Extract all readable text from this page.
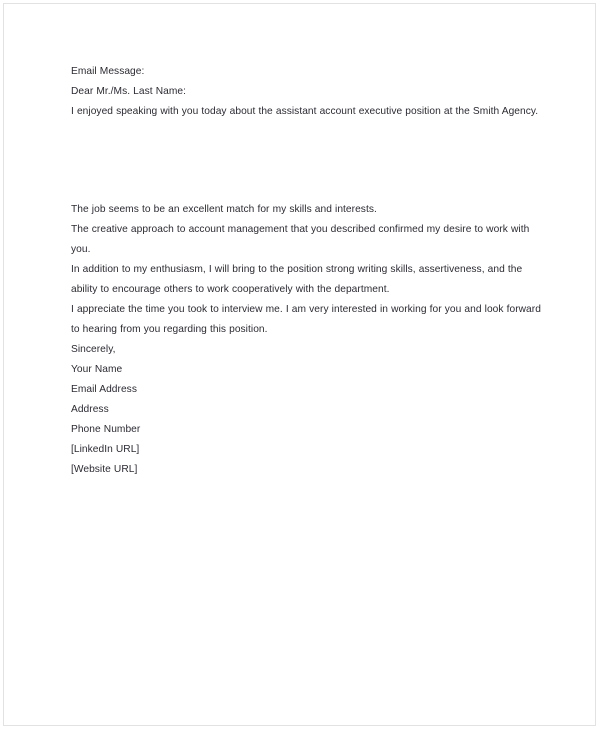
Email Message:
Dear Mr./Ms. Last Name:
I enjoyed speaking with you today about the assistant account executive position at the Smith Agency.
The job seems to be an excellent match for my skills and interests.
The creative approach to account management that you described confirmed my desire to work with you.
In addition to my enthusiasm, I will bring to the position strong writing skills, assertiveness, and the ability to encourage others to work cooperatively with the department.
I appreciate the time you took to interview me. I am very interested in working for you and look forward to hearing from you regarding this position.
Sincerely,
Your Name
Email Address
Address
Phone Number
[LinkedIn URL]
[Website URL]
